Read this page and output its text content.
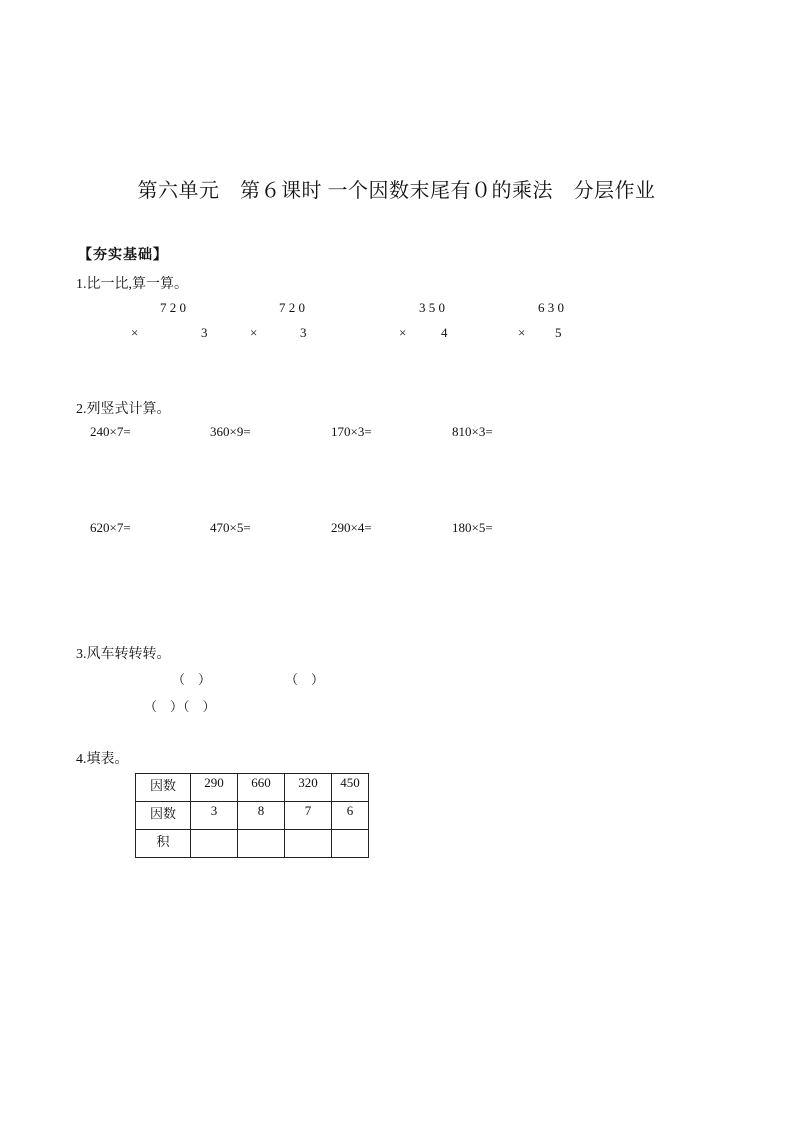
第六单元　第６课时 一个因数末尾有０的乘法　分层作业
【夯实基础】
1.比一比,算一算。
7 2 0
×	3
7 2 0
×	3
3 5 0
×	4
6 3 0
× 5
2.列竖式计算。
240×7=	360×9=	170×3=	810×3=
620×7=	470×5=	290×4=	180×5=
3.风车转转转。
（　）	（　）
（　）（　）
4.填表。
因数	290	660	320	450
因数	3	8	7	6
积				
